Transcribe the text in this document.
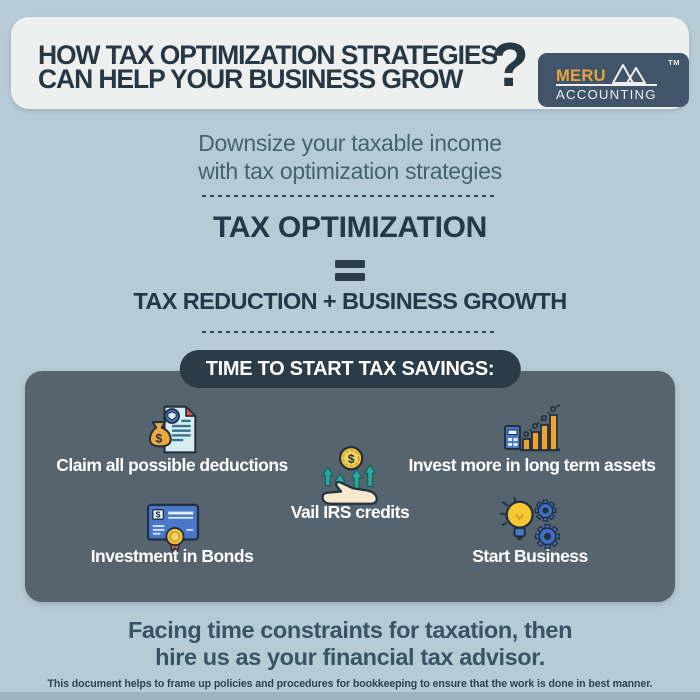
HOW TAX OPTIMIZATION STRATEGIES
CAN HELP YOUR BUSINESS GROW ?	TM
MERU
ACCOUNTING
Downsize your taxable income
with tax optimization strategies
TAX OPTIMIZATION
TAX REDUCTION + BUSINESS GROWTH
TIME TO START TAX SAVINGS:
$
Claim all possible deductions	Invest more in long term assets
$
Vail IRS credits
$
Investment in Bonds	Start Business
Facing time constraints for taxation, then
hire us as your financial tax advisor.
This document helps to frame up policies and procedures for bookkeeping to ensure that the work is done in best manner.
